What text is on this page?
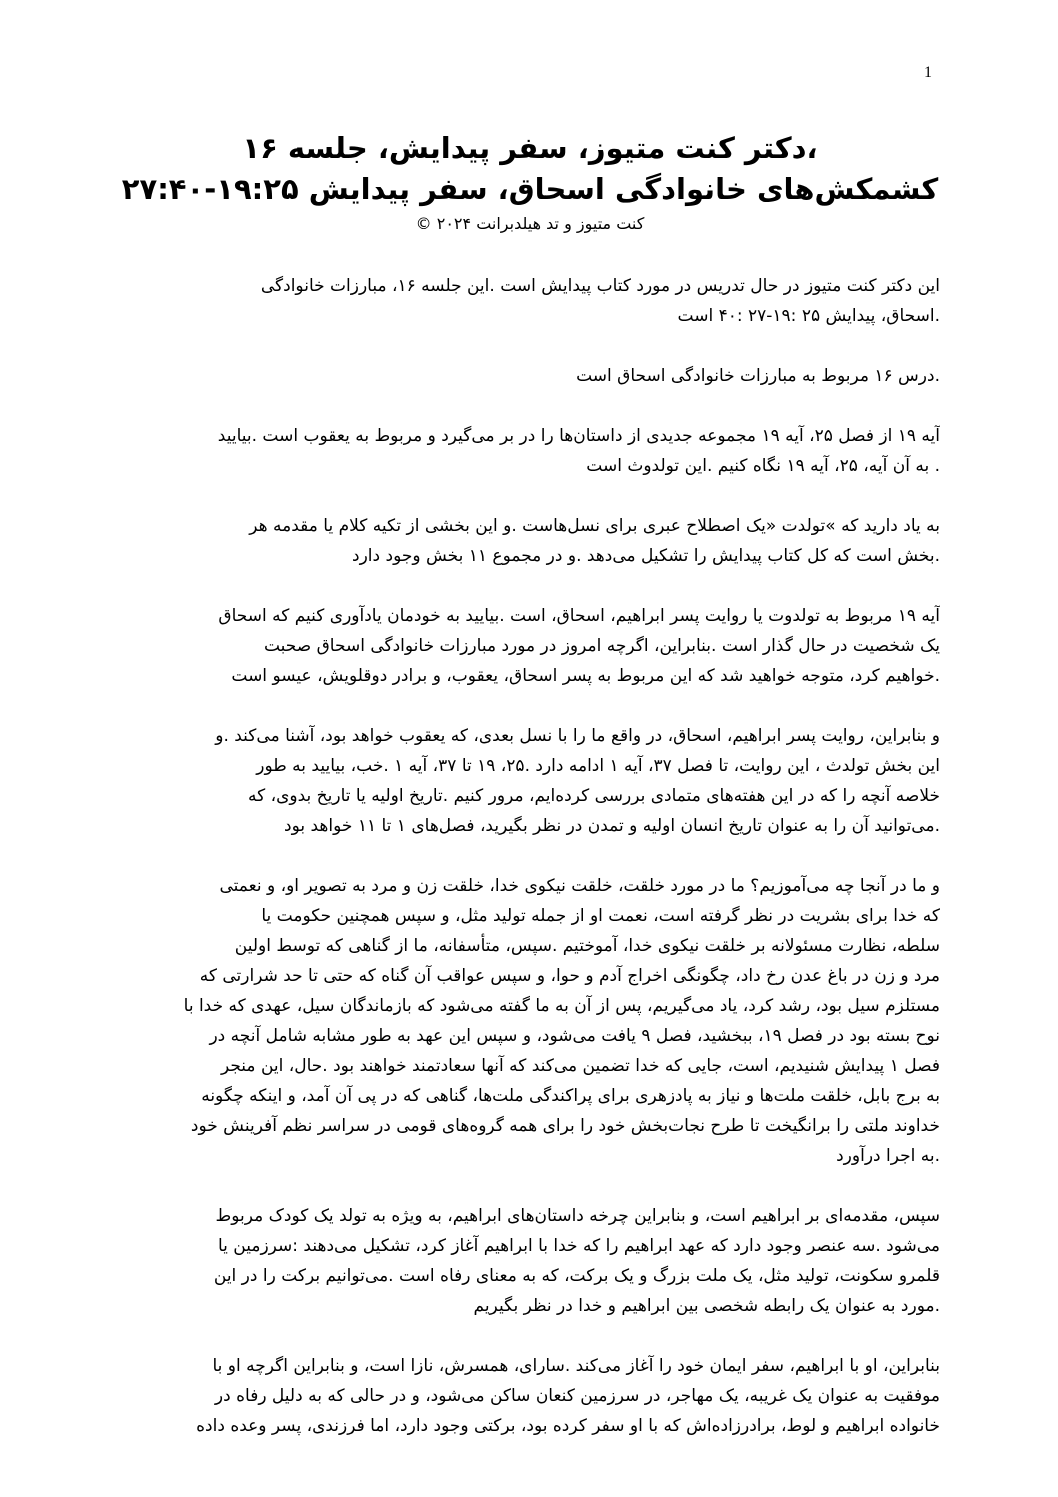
1
،دکتر کنت متیوز، سفر پیدایش، جلسه ۱۶
کشمکش‌های خانوادگی اسحاق، سفر پیدایش ۱۹:۲۵-۲۷:۴۰
کنت متیوز و تد هیلدبرانت ۲۰۲۴ ©
این دکتر کنت متیوز در حال تدریس در مورد کتاب پیدایش است .این جلسه ۱۶، مبارزات خانوادگی
.اسحاق، پیدایش ۲۵ :۱۹-۲۷ :۴۰ است
.درس ۱۶ مربوط به مبارزات خانوادگی اسحاق است
آیه ۱۹ از فصل ۲۵، آیه ۱۹ مجموعه جدیدی از داستان‌ها را در بر می‌گیرد و مربوط به یعقوب است .بیایید
. به آن آیه، ۲۵، آیه ۱۹ نگاه کنیم .این تولدوث است
به یاد دارید که »تولدت «یک اصطلاح عبری برای نسل‌هاست .و این بخشی از تکیه کلام یا مقدمه هر
.بخش است که کل کتاب پیدایش را تشکیل می‌دهد .و در مجموع ۱۱ بخش وجود دارد
آیه ۱۹ مربوط به تولدوت یا روایت پسر ابراهیم، اسحاق، است .بیایید به خودمان یادآوری کنیم که اسحاق
یک شخصیت در حال گذار است .بنابراین، اگرچه امروز در مورد مبارزات خانوادگی اسحاق صحبت
.خواهیم کرد، متوجه خواهید شد که این مربوط به پسر اسحاق، یعقوب، و برادر دوقلویش، عیسو است
و بنابراین، روایت پسر ابراهیم، اسحاق، در واقع ما را با نسل بعدی، که یعقوب خواهد بود، آشنا می‌کند .و
این بخش تولدث ، این روایت، تا فصل ۳۷، آیه ۱ ادامه دارد .۲۵، ۱۹ تا ۳۷، آیه ۱ .خب، بیایید به طور
خلاصه آنچه را که در این هفته‌های متمادی بررسی کرده‌ایم، مرور کنیم .تاریخ اولیه یا تاریخ بدوی، که
.می‌توانید آن را به عنوان تاریخ انسان اولیه و تمدن در نظر بگیرید، فصل‌های ۱ تا ۱۱ خواهد بود
و ما در آنجا چه می‌آموزیم؟ ما در مورد خلقت، خلقت نیکوی خدا، خلقت زن و مرد به تصویر او، و نعمتی
که خدا برای بشریت در نظر گرفته است، نعمت او از جمله تولید مثل، و سپس همچنین حکومت یا
سلطه، نظارت مسئولانه بر خلقت نیکوی خدا، آموختیم .سپس، متأسفانه، ما از گناهی که توسط اولین
مرد و زن در باغ عدن رخ داد، چگونگی اخراج آدم و حوا، و سپس عواقب آن گناه که حتی تا حد شرارتی که
مستلزم سیل بود، رشد کرد، یاد می‌گیریم، پس از آن به ما گفته می‌شود که بازماندگان سیل، عهدی که خدا با
نوح بسته بود در فصل ۱۹، ببخشید، فصل ۹ یافت می‌شود، و سپس این عهد به طور مشابه شامل آنچه در
فصل ۱ پیدایش شنیدیم، است، جایی که خدا تضمین می‌کند که آنها سعادتمند خواهند بود .حال، این منجر
به برج بابل، خلقت ملت‌ها و نیاز به پادزهری برای پراکندگی ملت‌ها، گناهی که در پی آن آمد، و اینکه چگونه
خداوند ملتی را برانگیخت تا طرح نجات‌بخش خود را برای همه گروه‌های قومی در سراسر نظم آفرینش خود
.به اجرا درآورد
سپس، مقدمه‌ای بر ابراهیم است، و بنابراین چرخه داستان‌های ابراهیم، به ویژه به تولد یک کودک مربوط
می‌شود .سه عنصر وجود دارد که عهد ابراهیم را که خدا با ابراهیم آغاز کرد، تشکیل می‌دهند :سرزمین یا
قلمرو سکونت، تولید مثل، یک ملت بزرگ و یک برکت، که به معنای رفاه است .می‌توانیم برکت را در این
.مورد به عنوان یک رابطه شخصی بین ابراهیم و خدا در نظر بگیریم
بنابراین، او با ابراهیم، سفر ایمان خود را آغاز می‌کند .سارای، همسرش، نازا است، و بنابراین اگرچه او با
موفقیت به عنوان یک غریبه، یک مهاجر، در سرزمین کنعان ساکن می‌شود، و در حالی که به دلیل رفاه در
خانواده ابراهیم و لوط، برادرزاده‌اش که با او سفر کرده بود، برکتی وجود دارد، اما فرزندی، پسر وعده داده
